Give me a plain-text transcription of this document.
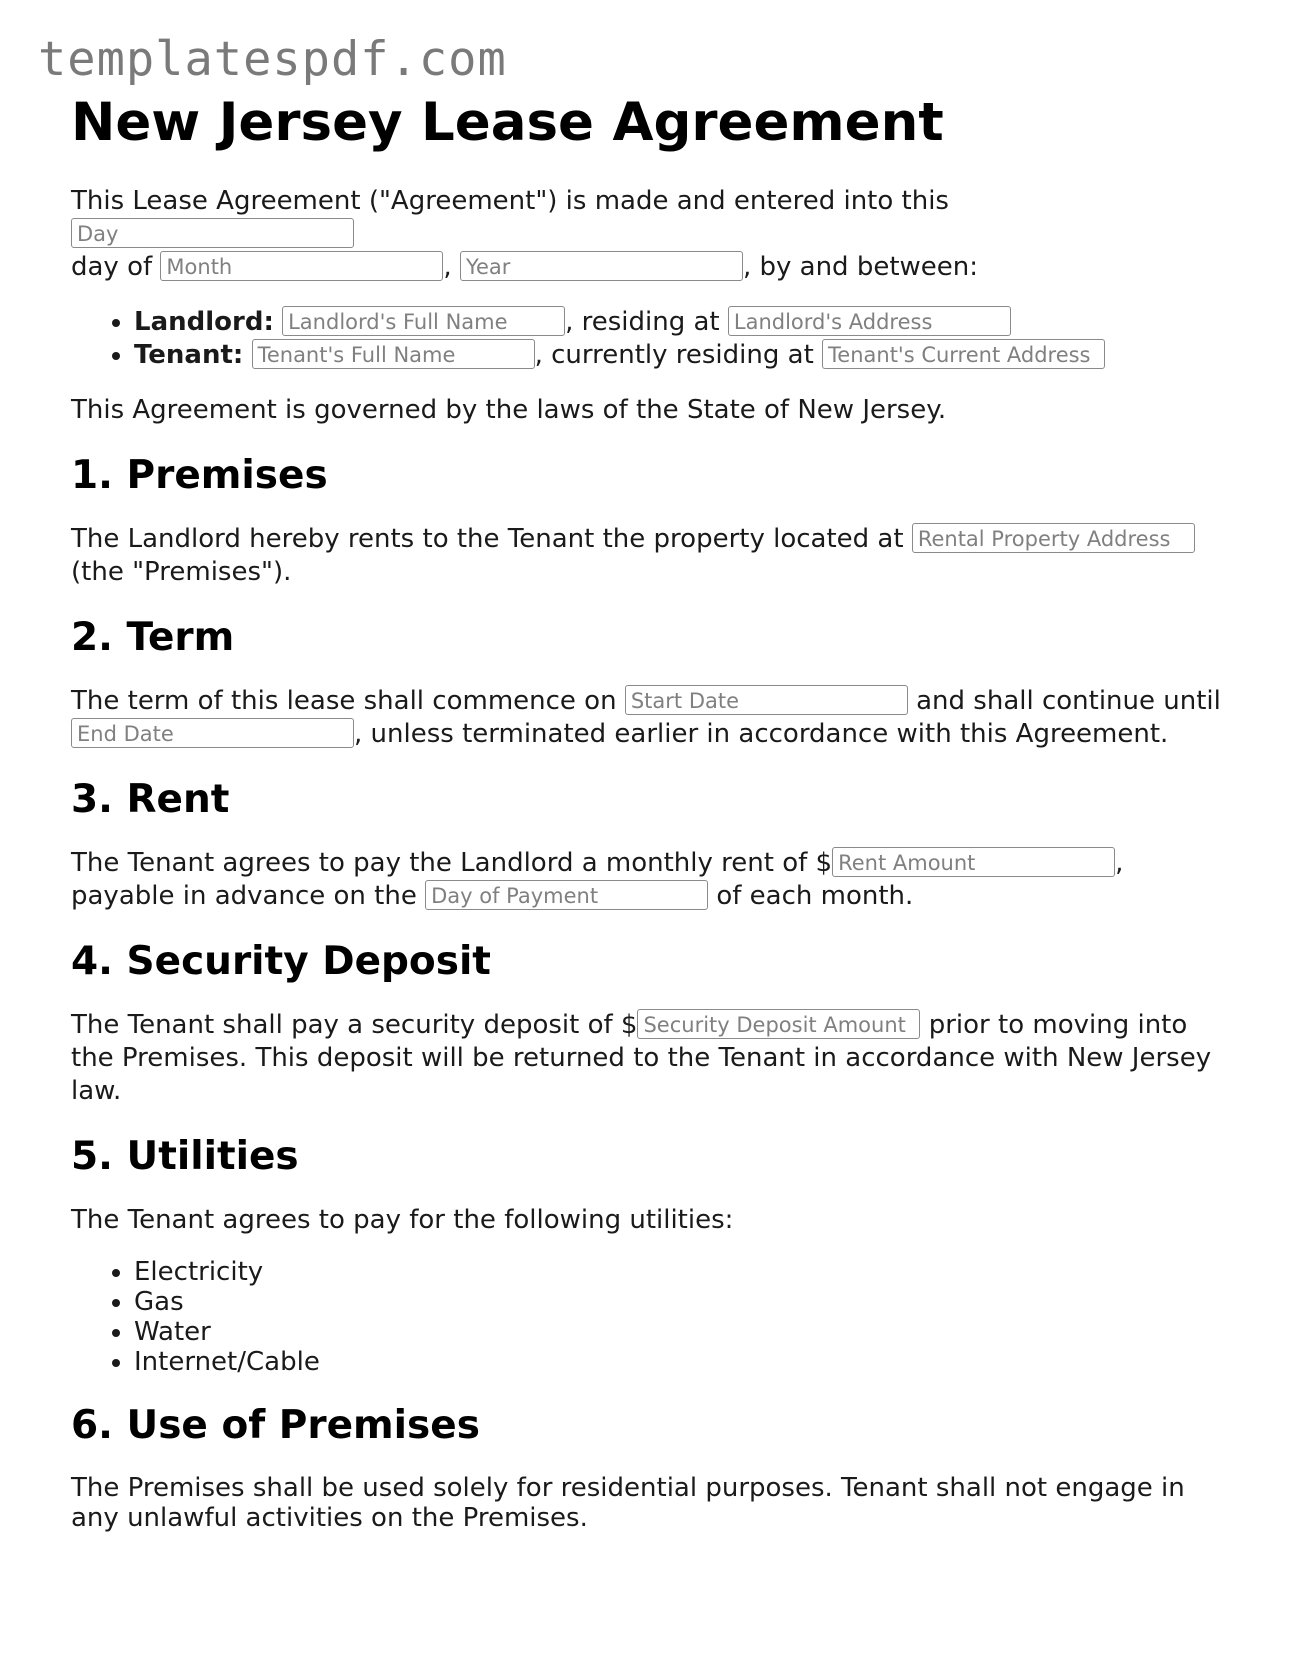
templatespdf.com
New Jersey Lease Agreement

This Lease Agreement ("Agreement") is made and entered into this Day
day of Month	, Year	, by and between:

• Landlord: Landlord's Full Name , residing at Landlord's Address
• Tenant: Tenant's Full Name	, currently residing at Tenant's Current Address

This Agreement is governed by the laws of the State of New Jersey.

1. Premises

The Landlord hereby rents to the Tenant the property located at Rental Property Address
(the "Premises").

2. Term

The term of this lease shall commence on Start Date	and shall continue until
End Date	, unless terminated earlier in accordance with this Agreement.

3. Rent

The Tenant agrees to pay the Landlord a monthly rent of $ Rent Amount	, payable in advance on the Day of Payment	of each month.

4. Security Deposit

The Tenant shall pay a security deposit of $ Security Deposit Amount prior to moving into the Premises. This deposit will be returned to the Tenant in accordance with New Jersey law.

5. Utilities

The Tenant agrees to pay for the following utilities:

• Electricity
• Gas
• Water
• Internet/Cable
6. Use of Premises

The Premises shall be used solely for residential purposes. Tenant shall not engage in any unlawful activities on the Premises.
